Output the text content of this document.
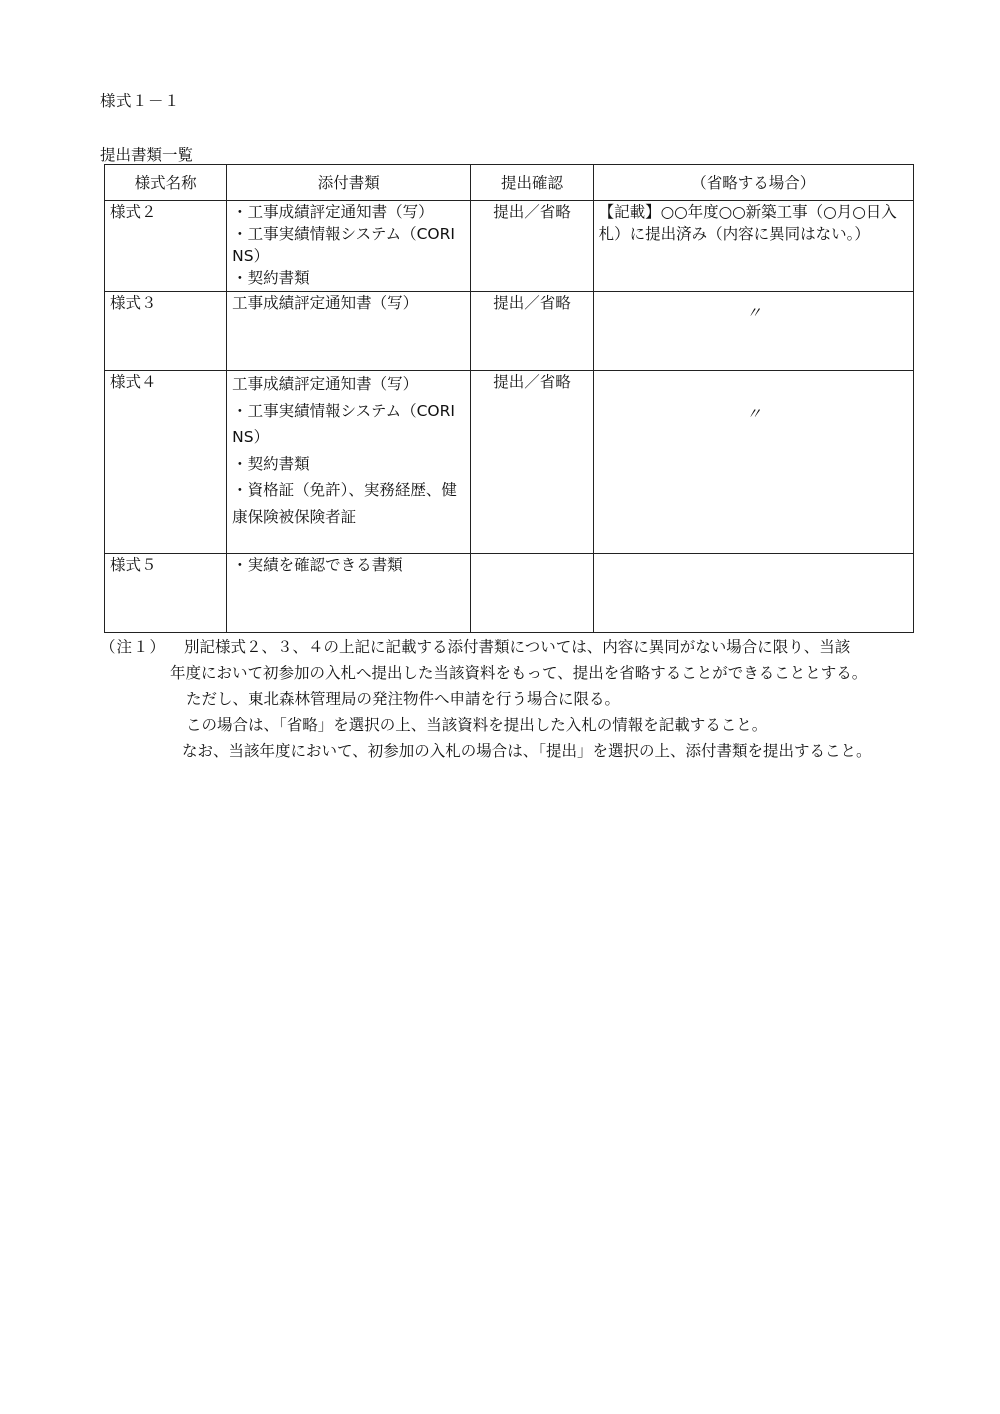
様式１－１
提出書類一覧
様式名称	添付書類	提出確認	（省略する場合）
様式２	・工事成績評定通知書（写）
・工事実績情報システム（CORINS）
・契約書類	提出／省略	【記載】○○年度○○新築工事（○月○日入札）に提出済み（内容に異同はない。）
様式３	工事成績評定通知書（写）	提出／省略	〃

様式４	工事成績評定通知書（写）
・工事実績情報システム（CORINS）
・契約書類
・資格証（免許）、実務経歴、健康保険被保険者証	提出／省略	〃

様式５	・実績を確認できる書類		

（注１）	別記様式２、３、４の上記に記載する添付書類については、内容に異同がない場合に限り、当該
年度において初参加の入札へ提出した当該資料をもって、提出を省略することができることとする。
ただし、東北森林管理局の発注物件へ申請を行う場合に限る。
この場合は、「省略」を選択の上、当該資料を提出した入札の情報を記載すること。
なお、当該年度において、初参加の入札の場合は、「提出」を選択の上、添付書類を提出すること。
